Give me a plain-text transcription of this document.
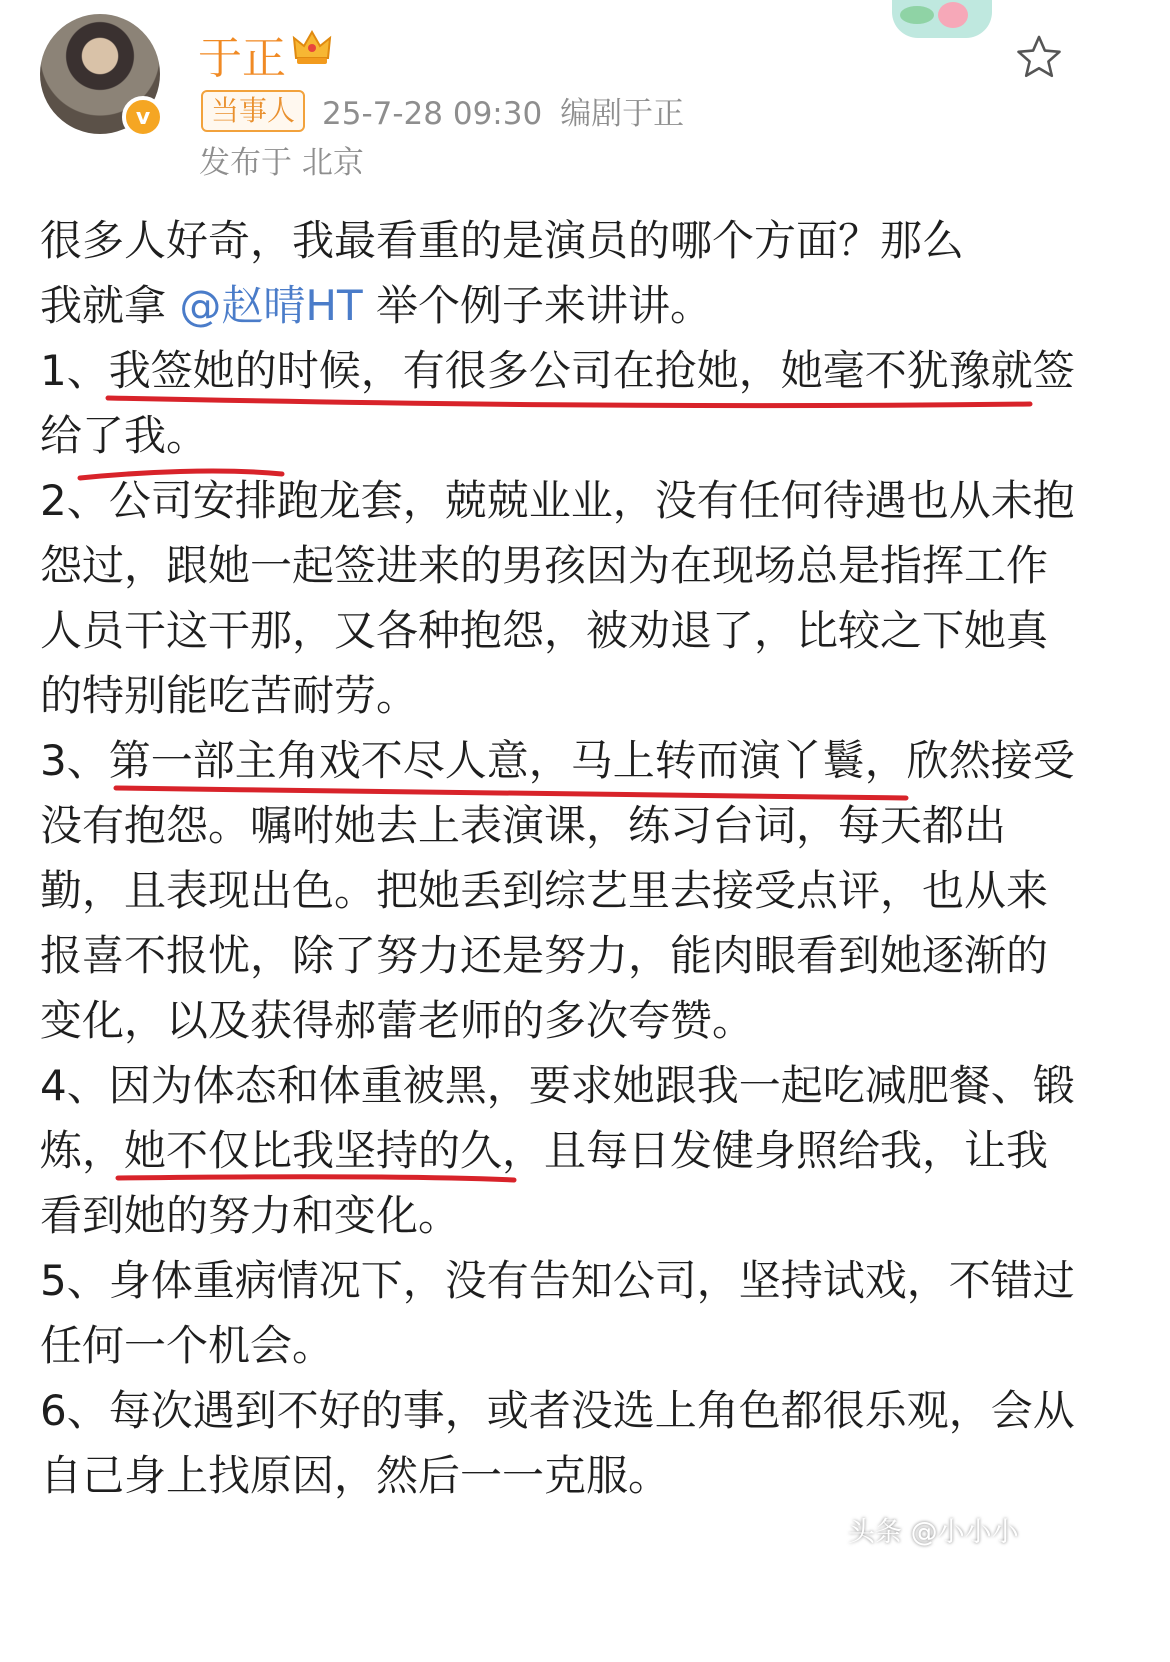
v
于正
当事人 25-7-28 09:30 编剧于正
发布于 北京

很多人好奇，我最看重的是演员的哪个方面？那么
我就拿 @赵晴HT 举个例子来讲讲。

1、我签她的时候，有很多公司在抢她，她毫不犹豫就签给了我。

2、公司安排跑龙套，兢兢业业，没有任何待遇也从未抱怨过，跟她一起签进来的男孩因为在现场总是指挥工作人员干这干那，又各种抱怨，被劝退了，比较之下她真的特别能吃苦耐劳。

3、第一部主角戏不尽人意，马上转而演丫鬟，欣然接受没有抱怨。嘱咐她去上表演课，练习台词，每天都出勤，且表现出色。把她丢到综艺里去接受点评，也从来报喜不报忧，除了努力还是努力，能肉眼看到她逐渐的变化，以及获得郝蕾老师的多次夸赞。

4、因为体态和体重被黑，要求她跟我一起吃减肥餐、锻炼，她不仅比我坚持的久，且每日发健身照给我，让我看到她的努力和变化。

5、身体重病情况下，没有告知公司，坚持试戏，不错过任何一个机会。

6、每次遇到不好的事，或者没选上角色都很乐观，会从自己身上找原因，然后一一克服。

头条 @小小小
